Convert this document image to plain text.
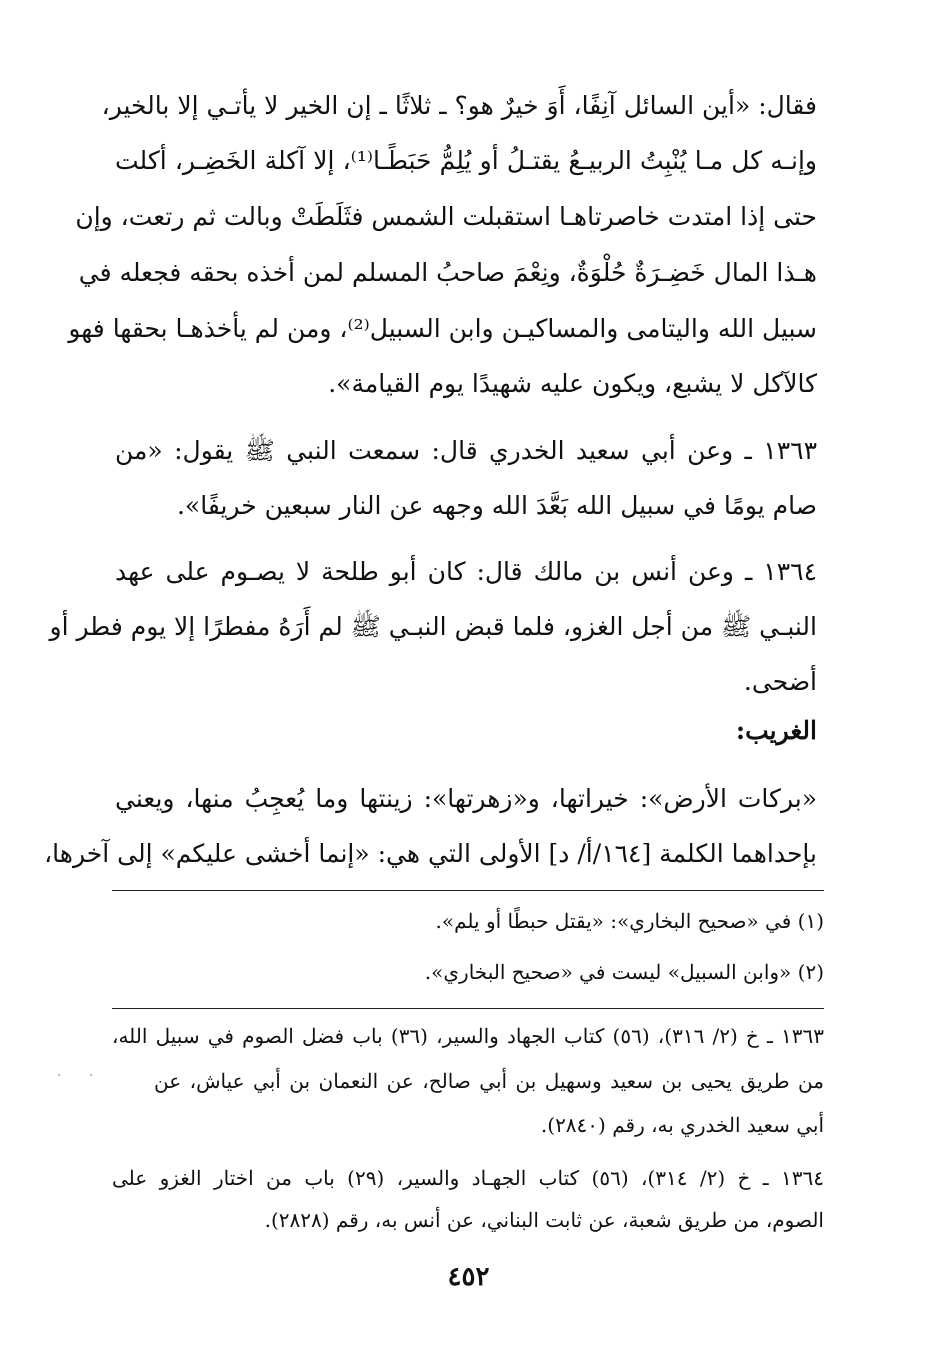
فقال: «أين السائل آنِفًا، أَوَ خيرٌ هو؟ ـ ثلاثًا ـ إن الخير لا يأتـي إلا بالخير،
وإنـه كل مـا يُنْبِتُ الربيـعُ يقتـلُ أو يُلِمُّ حَبَطًـا⁽¹⁾، إلا آكلة الخَضِـر، أكلت
حتى إذا امتدت خاصرتاهـا استقبلت الشمس فثَلَطَتْ وبالت ثم رتعت، وإن
هـذا المال خَضِـرَةٌ حُلْوَةٌ، ونِعْمَ صاحبُ المسلم لمن أخذه بحقه فجعله في
سبيل الله واليتامى والمساكيـن وابن السبيل⁽²⁾، ومن لم يأخذهـا بحقها فهو
كالآكل لا يشبع، ويكون عليه شهيدًا يوم القيامة».
١٣٦٣ ـ وعن أبي سعيد الخدري قال: سمعت النبي ﷺ يقول: «من
صام يومًا في سبيل الله بَعَّدَ الله وجهه عن النار سبعين خريفًا».
١٣٦٤ ـ وعن أنس بن مالك قال: كان أبو طلحة لا يصـوم على عهد
النبـي ﷺ من أجل الغزو، فلما قبض النبـي ﷺ لم أَرَهُ مفطرًا إلا يوم فطر أو
أضحى.
الغريب:
«بركات الأرض»: خيراتها، و«زهرتها»: زينتها وما يُعجِبُ منها، ويعني
بإحداهما الكلمة [١٦٤/أ/ د] الأولى التي هي: «إنما أخشى عليكم» إلى آخرها،
(١) في «صحيح البخاري»: «يقتل حبطًا أو يلم».
(٢) «وابن السبيل» ليست في «صحيح البخاري».
١٣٦٣ ـ خ (٢/ ٣١٦)، (٥٦) كتاب الجهاد والسير، (٣٦) باب فضل الصوم في سبيل الله،
من طريق يحيى بن سعيد وسهيل بن أبي صالح، عن النعمان بن أبي عياش، عن
أبي سعيد الخدري به، رقم (٢٨٤٠).
١٣٦٤ ـ خ (٢/ ٣١٤)، (٥٦) كتاب الجهـاد والسير، (٢٩) باب من اختار الغزو على
الصوم، من طريق شعبة، عن ثابت البناني، عن أنس به، رقم (٢٨٢٨).
٤٥٢
